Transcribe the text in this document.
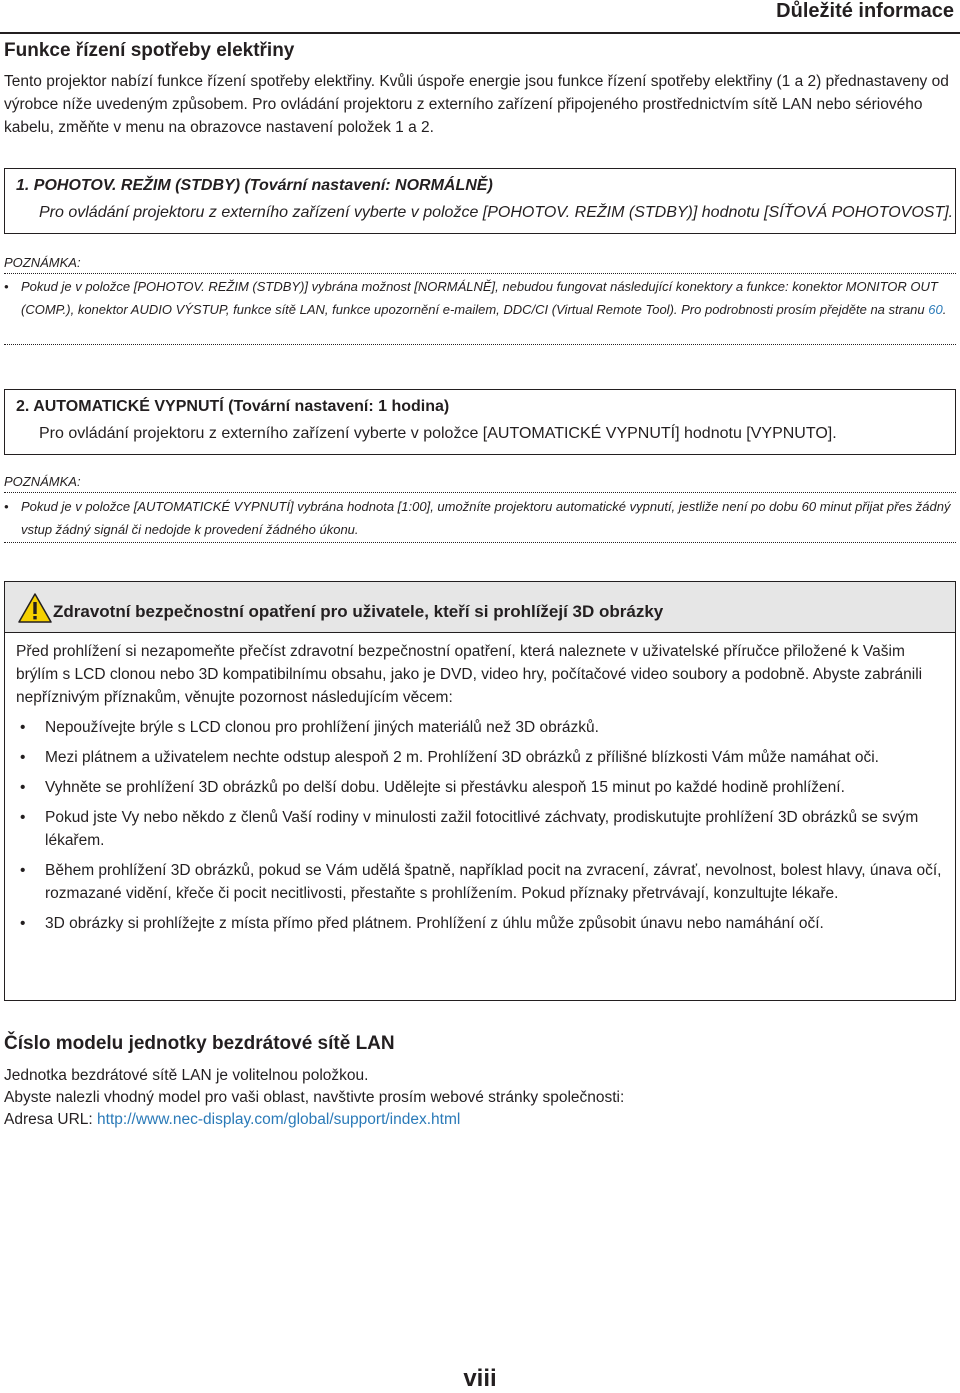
Důležité informace
Funkce řízení spotřeby elektřiny
Tento projektor nabízí funkce řízení spotřeby elektřiny. Kvůli úspoře energie jsou funkce řízení spotřeby elektřiny (1 a 2) přednastaveny od výrobce níže uvedeným způsobem. Pro ovládání projektoru z externího zařízení připojeného prostřednictvím sítě LAN nebo sériového kabelu, změňte v menu na obrazovce nastavení položek 1 a 2.
1. POHOTOV. REŽIM (STDBY) (Tovární nastavení: NORMÁLNĚ)
Pro ovládání projektoru z externího zařízení vyberte v položce [POHOTOV. REŽIM (STDBY)] hodnotu [SÍŤOVÁ POHOTOVOST].
POZNÁMKA:
• Pokud je v položce [POHOTOV. REŽIM (STDBY)] vybrána možnost [NORMÁLNĚ], nebudou fungovat následující konektory a funkce: konektor MONITOR OUT (COMP.), konektor AUDIO VÝSTUP, funkce sítě LAN, funkce upozornění e-mailem, DDC/CI (Virtual Remote Tool). Pro podrobnosti prosím přejděte na stranu 60.
2. AUTOMATICKÉ VYPNUTÍ (Tovární nastavení: 1 hodina)
Pro ovládání projektoru z externího zařízení vyberte v položce [AUTOMATICKÉ VYPNUTÍ] hodnotu [VYPNUTO].
POZNÁMKA:
• Pokud je v položce [AUTOMATICKÉ VYPNUTÍ] vybrána hodnota [1:00], umožníte projektoru automatické vypnutí, jestliže není po dobu 60 minut přijat přes žádný vstup žádný signál či nedojde k provedení žádného úkonu.
Zdravotní bezpečnostní opatření pro uživatele, kteří si prohlížejí 3D obrázky
Před prohlížení si nezapomeňte přečíst zdravotní bezpečnostní opatření, která naleznete v uživatelské příručce přiložené k Vašim brýlím s LCD clonou nebo 3D kompatibilnímu obsahu, jako je DVD, video hry, počítačové video soubory a podobně. Abyste zabránili nepříznivým příznakům, věnujte pozornost následujícím věcem:
• Nepoužívejte brýle s LCD clonou pro prohlížení jiných materiálů než 3D obrázků.
• Mezi plátnem a uživatelem nechte odstup alespoň 2 m. Prohlížení 3D obrázků z přílišné blízkosti Vám může namáhat oči.
• Vyhněte se prohlížení 3D obrázků po delší dobu. Udělejte si přestávku alespoň 15 minut po každé hodině prohlížení.
• Pokud jste Vy nebo někdo z členů Vaší rodiny v minulosti zažil fotocitlivé záchvaty, prodiskutujte prohlížení 3D obrázků se svým lékařem.
• Během prohlížení 3D obrázků, pokud se Vám udělá špatně, například pocit na zvracení, závrať, nevolnost, bolest hlavy, únava očí, rozmazané vidění, křeče či pocit necitlivosti, přestaňte s prohlížením. Pokud příznaky přetrvávají, konzultujte lékaře.
• 3D obrázky si prohlížejte z místa přímo před plátnem. Prohlížení z úhlu může způsobit únavu nebo namáhání očí.
Číslo modelu jednotky bezdrátové sítě LAN
Jednotka bezdrátové sítě LAN je volitelnou položkou.
Abyste nalezli vhodný model pro vaši oblast, navštivte prosím webové stránky společnosti:
Adresa URL: http://www.nec-display.com/global/support/index.html
viii
